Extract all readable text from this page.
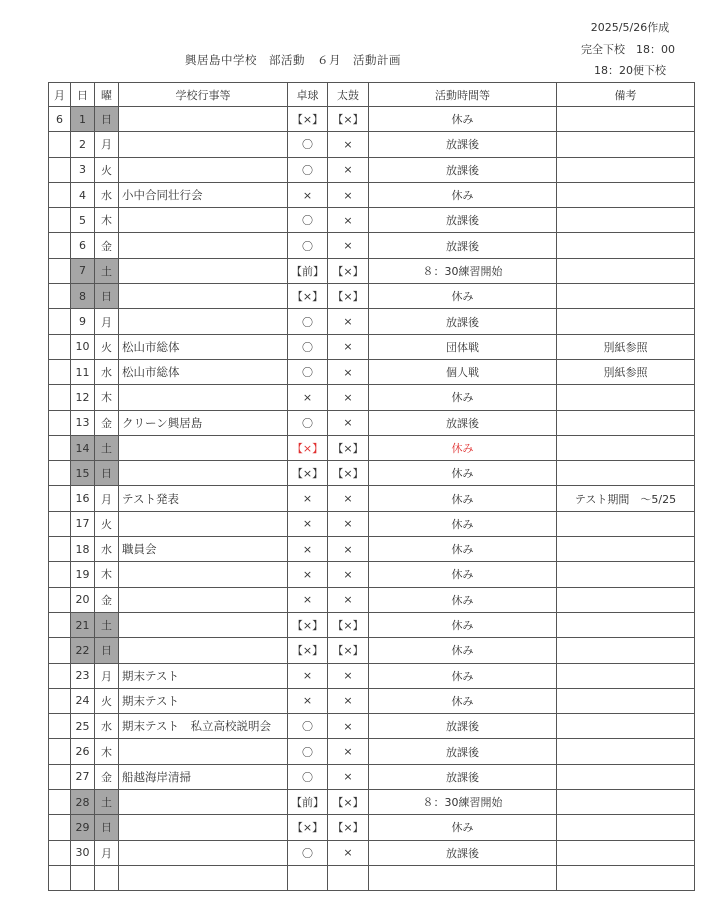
2025/5/26作成
完全下校　18：00
18：20便下校
興居島中学校　部活動　６月　活動計画
月	日	曜	学校行事等	卓球	太鼓	活動時間等	備考
6	1	日		【×】	【×】	休み	
	2	月		〇	×	放課後	
	3	火		〇	×	放課後	
	4	水	小中合同壮行会	×	×	休み	
	5	木		〇	×	放課後	
	6	金		〇	×	放課後	
	7	土		【前】	【×】	８：30練習開始	
	8	日		【×】	【×】	休み	
	9	月		〇	×	放課後	
	10	火	松山市総体	〇	×	団体戦	別紙参照
	11	水	松山市総体	〇	×	個人戦	別紙参照
	12	木		×	×	休み	
	13	金	クリーン興居島	〇	×	放課後	
	14	土		【×】	【×】	休み	
	15	日		【×】	【×】	休み	
	16	月	テスト発表	×	×	休み	テスト期間　～5/25
	17	火		×	×	休み	
	18	水	職員会	×	×	休み	
	19	木		×	×	休み	
	20	金		×	×	休み	
	21	土		【×】	【×】	休み	
	22	日		【×】	【×】	休み	
	23	月	期末テスト	×	×	休み	
	24	火	期末テスト	×	×	休み	
	25	水	期末テスト　私立高校説明会	〇	×	放課後	
	26	木		〇	×	放課後	
	27	金	船越海岸清掃	〇	×	放課後	
	28	土		【前】	【×】	８：30練習開始	
	29	日		【×】	【×】	休み	
	30	月		〇	×	放課後	
